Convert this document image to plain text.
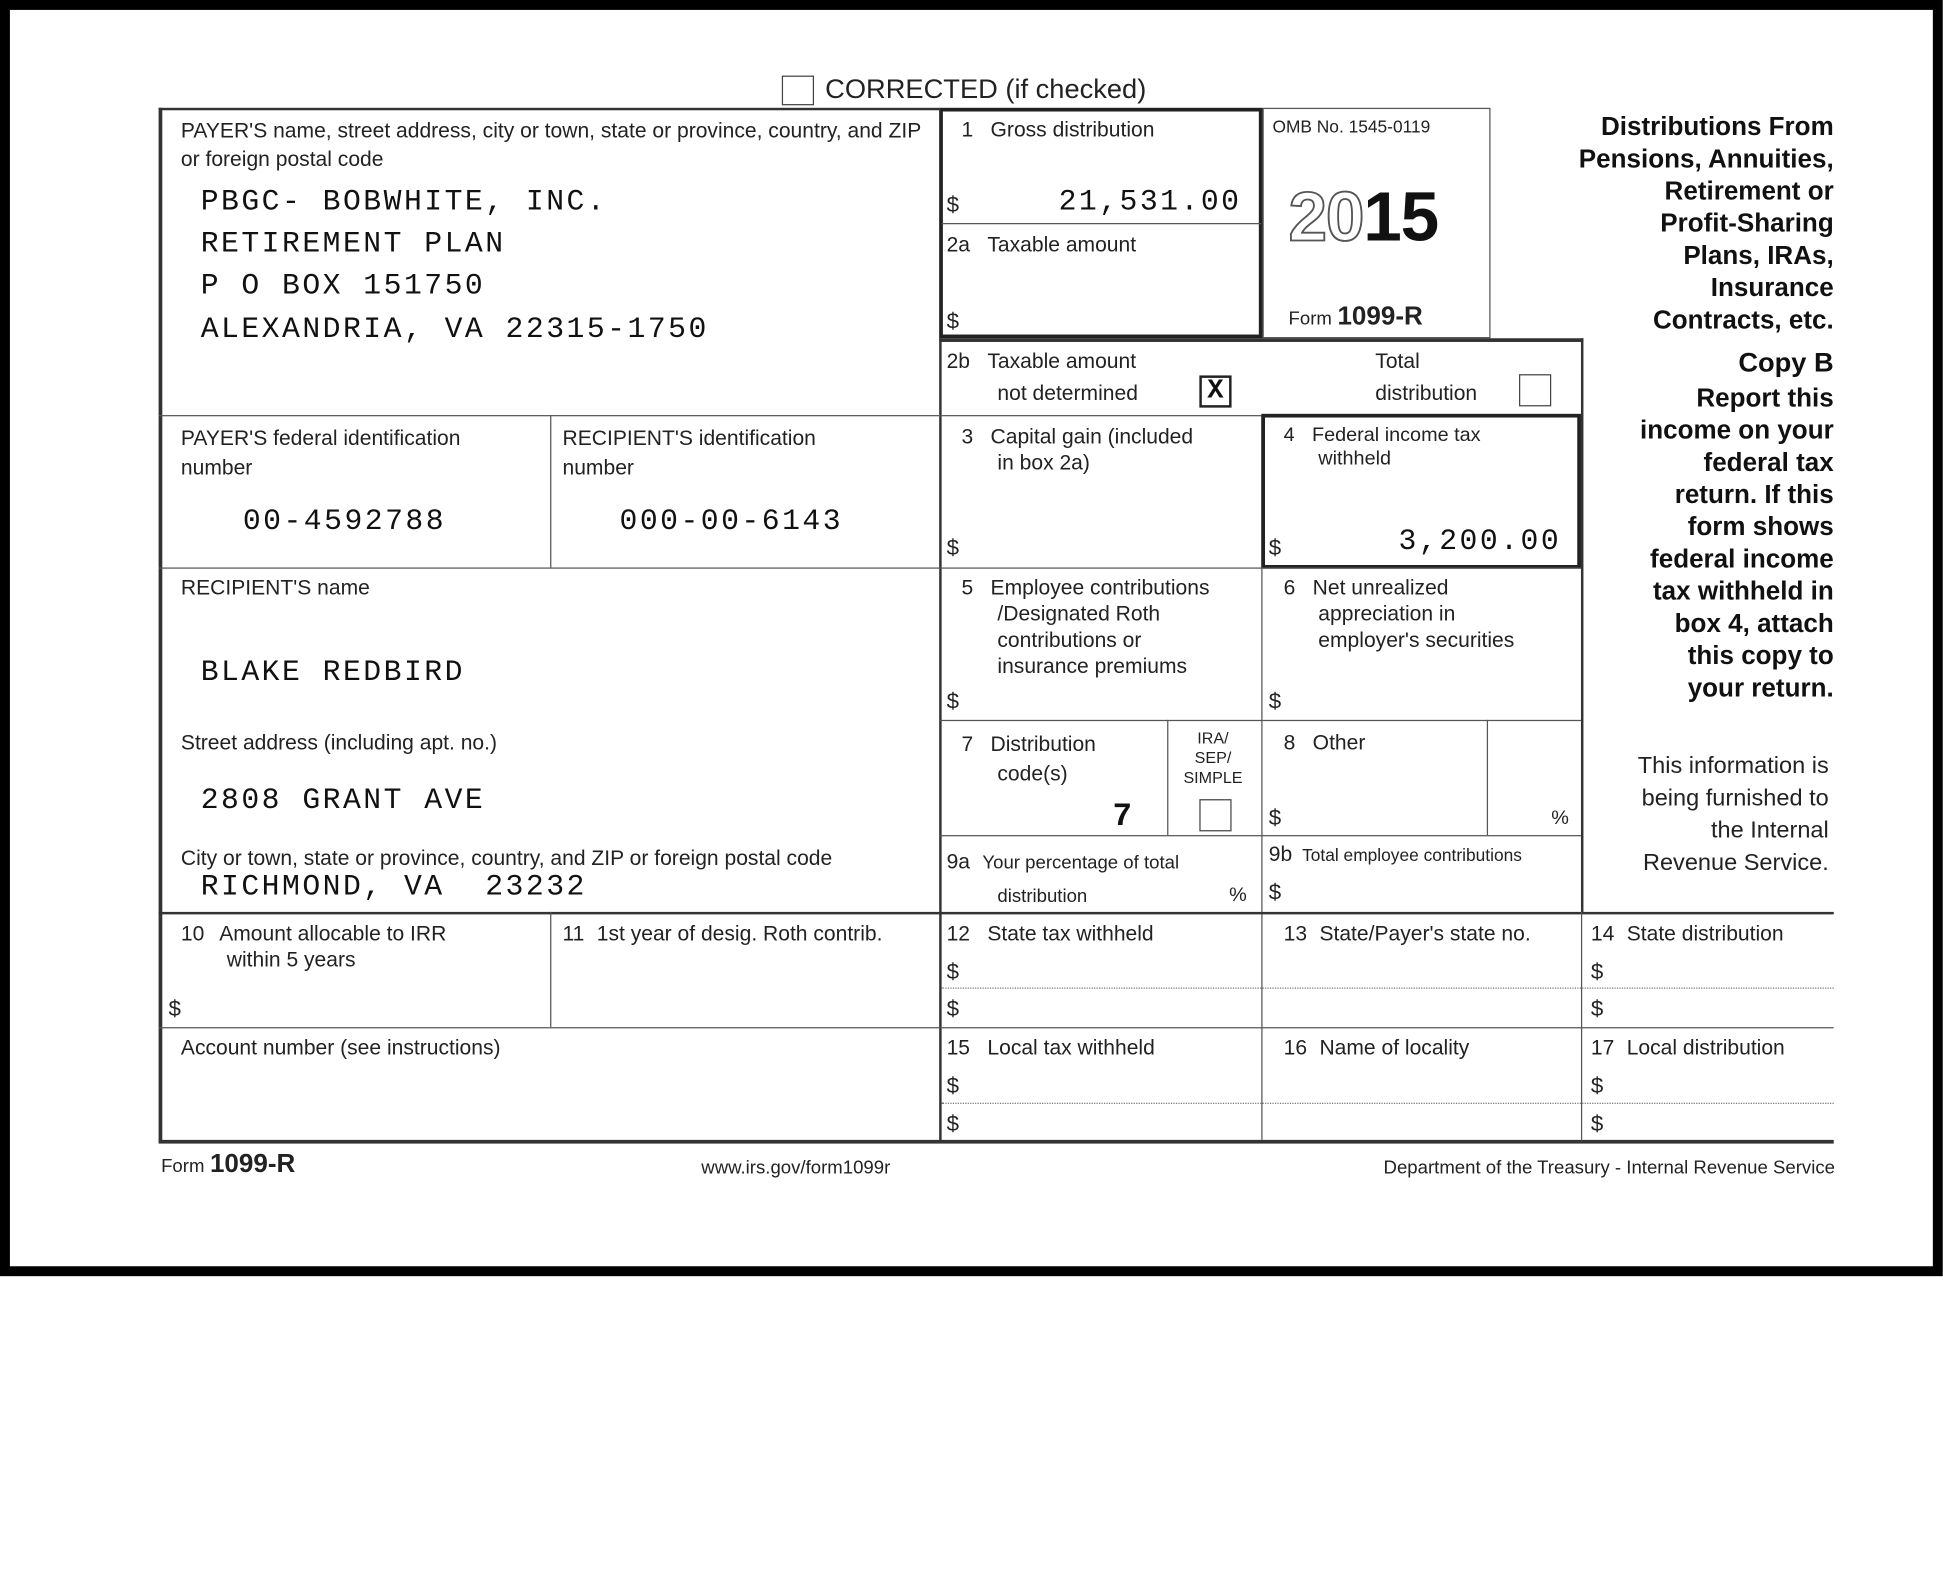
CORRECTED (if checked)
PAYER'S name, street address, city or town, state or province, country, and ZIP or foreign postal code
PBGC- BOBWHITE, INC.
RETIREMENT PLAN
P O BOX 151750
ALEXANDRIA, VA 22315-1750
1 Gross distribution
$	21,531.00
2a Taxable amount
$
OMB No. 1545-0119
2015
Form 1099-R
Distributions From
Pensions, Annuities,
Retirement or
Profit-Sharing
Plans, IRAs,
Insurance
Contracts, etc.
2b Taxable amount
not determined	X
Total
distribution
Copy B
Report this
income on your
federal tax
return. If this
form shows
federal income
tax withheld in
box 4, attach
this copy to
your return.
This information is
being furnished to
the Internal
Revenue Service.
PAYER'S federal identification
number
00-4592788
RECIPIENT'S identification
number
000-00-6143
3 Capital gain (included
in box 2a)
$
4 Federal income tax
withheld
$	3,200.00
RECIPIENT'S name
BLAKE REDBIRD
5 Employee contributions
/Designated Roth
contributions or
insurance premiums
$
6 Net unrealized
appreciation in
employer's securities
$
Street address (including apt. no.)
2808 GRANT AVE
7 Distribution
code(s)
7
IRA/
SEP/
SIMPLE
8 Other
$	%
City or town, state or province, country, and ZIP or foreign postal code
RICHMOND, VA  23232
9a Your percentage of total
distribution	%
9b Total employee contributions
$
10 Amount allocable to IRR
within 5 years
$
11 1st year of desig. Roth contrib.	12 State tax withheld
$
$
13 State/Payer's state no.	14 State distribution
$
$
Account number (see instructions)	15 Local tax withheld
$
$
16 Name of locality	17 Local distribution
$
$
Form 1099-R	www.irs.gov/form1099r	Department of the Treasury - Internal Revenue Service
